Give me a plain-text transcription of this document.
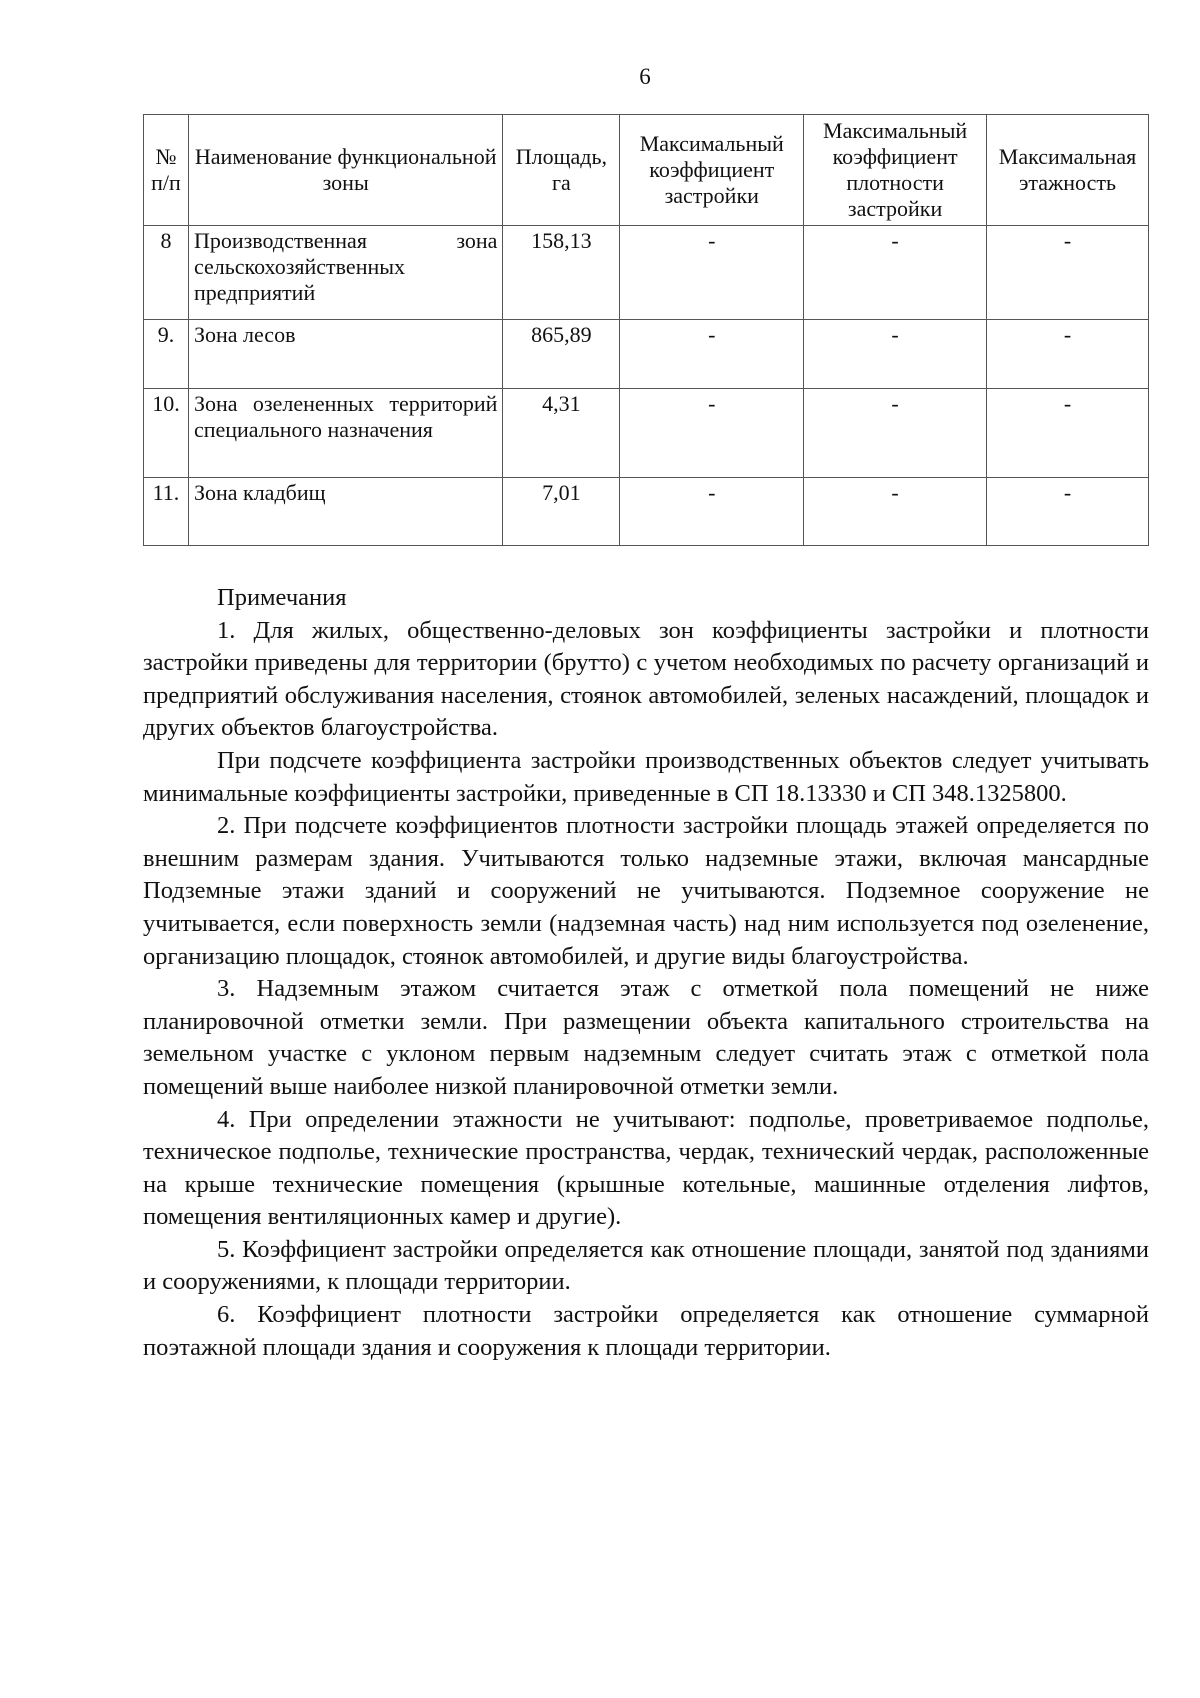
6
№ п/п	Наименование функциональной зоны	Площадь, га	Максимальный коэффициент застройки	Максимальный коэффициент плотности застройки	Максимальная этажность
8	Производственная зона сельскохозяйственных предприятий	158,13	-	-	-
9.	Зона лесов	865,89	-	-	-
10.	Зона озелененных территорий специального назначения	4,31	-	-	-
11.	Зона кладбищ	7,01	-	-	-

Примечания

1. Для жилых, общественно-деловых зон коэффициенты застройки и плотности застройки приведены для территории (брутто) с учетом необходимых по расчету организаций и предприятий обслуживания населения, стоянок автомобилей, зеленых насаждений, площадок и других объектов благоустройства.

При подсчете коэффициента застройки производственных объектов следует учитывать минимальные коэффициенты застройки, приведенные в СП 18.13330 и СП 348.1325800.

2. При подсчете коэффициентов плотности застройки площадь этажей определяется по внешним размерам здания. Учитываются только надземные этажи, включая мансардные Подземные этажи зданий и сооружений не учитываются. Подземное сооружение не учитывается, если поверхность земли (надземная часть) над ним используется под озеленение, организацию площадок, стоянок автомобилей, и другие виды благоустройства.

3. Надземным этажом считается этаж с отметкой пола помещений не ниже планировочной отметки земли. При размещении объекта капитального строительства на земельном участке с уклоном первым надземным следует считать этаж с отметкой пола помещений выше наиболее низкой планировочной отметки земли.

4. При определении этажности не учитывают: подполье, проветриваемое подполье, техническое подполье, технические пространства, чердак, технический чердак, расположенные на крыше технические помещения (крышные котельные, машинные отделения лифтов, помещения вентиляционных камер и другие).

5. Коэффициент застройки определяется как отношение площади, занятой под зданиями и сооружениями, к площади территории.

6. Коэффициент плотности застройки определяется как отношение суммарной поэтажной площади здания и сооружения к площади территории.
